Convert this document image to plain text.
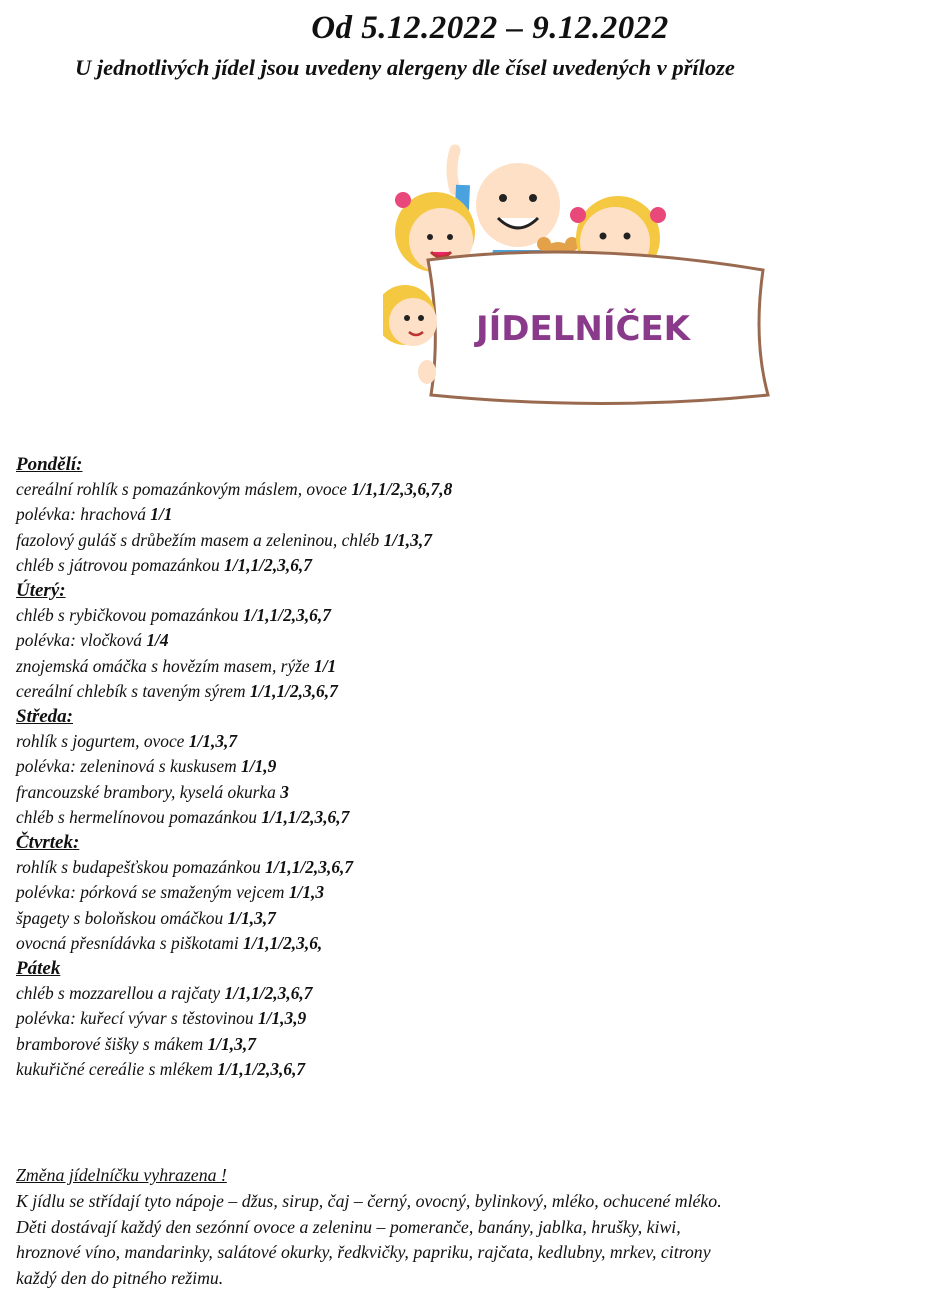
Od 5.12.2022 – 9.12.2022
U jednotlivých jídel jsou uvedeny alergeny dle čísel uvedených v příloze
JÍDELNÍČEK
Pondělí:
cereální rohlík s pomazánkovým máslem, ovoce 1/1,1/2,3,6,7,8
polévka: hrachová 1/1
fazolový guláš s drůbežím masem a zeleninou, chléb 1/1,3,7
chléb s játrovou pomazánkou 1/1,1/2,3,6,7
Úterý:
chléb s rybičkovou pomazánkou 1/1,1/2,3,6,7
polévka: vločková 1/4
znojemská omáčka s hovězím masem, rýže 1/1
cereální chlebík s taveným sýrem 1/1,1/2,3,6,7
Středa:
rohlík s jogurtem, ovoce 1/1,3,7
polévka: zeleninová s kuskusem 1/1,9
francouzské brambory, kyselá okurka 3
chléb s hermelínovou pomazánkou 1/1,1/2,3,6,7
Čtvrtek:
rohlík s budapešťskou pomazánkou 1/1,1/2,3,6,7
polévka: pórková se smaženým vejcem 1/1,3
špagety s boloňskou omáčkou 1/1,3,7
ovocná přesnídávka s piškotami 1/1,1/2,3,6,
Pátek
chléb s mozzarellou a rajčaty 1/1,1/2,3,6,7
polévka: kuřecí vývar s těstovinou 1/1,3,9
bramborové šišky s mákem 1/1,3,7
kukuřičné cereálie s mlékem 1/1,1/2,3,6,7
Změna jídelníčku vyhrazena !
K jídlu se střídají tyto nápoje – džus, sirup, čaj – černý, ovocný, bylinkový, mléko, ochucené mléko.
Děti dostávají každý den sezónní ovoce a zeleninu – pomeranče, banány, jablka, hrušky, kiwi,
hroznové víno, mandarinky, salátové okurky, ředkvičky, papriku, rajčata, kedlubny, mrkev, citrony
každý den do pitného režimu.
